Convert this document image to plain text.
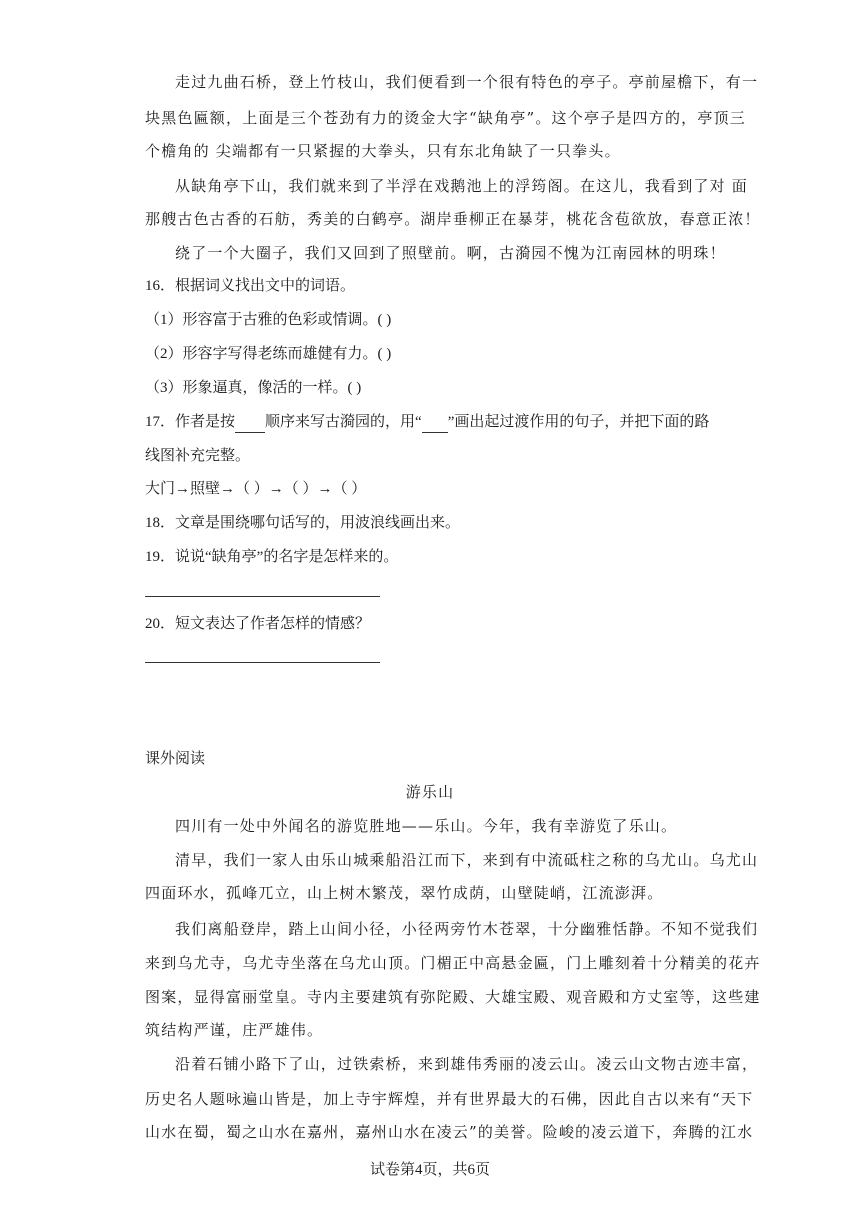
走过九曲石桥，登上竹枝山，我们便看到一个很有特色的亭子。亭前屋檐下，有一
块黑色匾额，上面是三个苍劲有力的烫金大字“缺角亭”。这个亭子是四方的，亭顶三
个檐角的 尖端都有一只紧握的大拳头，只有东北角缺了一只拳头。
从缺角亭下山，我们就来到了半浮在戏鹅池上的浮筠阁。在这儿，我看到了对 面
那艘古色古香的石舫，秀美的白鹤亭。湖岸垂柳正在暴芽，桃花含苞欲放，春意正浓！
绕了一个大圈子，我们又回到了照壁前。啊，古漪园不愧为江南园林的明珠！
16．根据词义找出文中的词语。
（1）形容富于古雅的色彩或情调。( )
（2）形容字写得老练而雄健有力。( )
（3）形象逼真，像活的一样。( )
17．作者是按 顺序来写古漪园的，用“ ”画出起过渡作用的句子，并把下面的路
线图补充完整。
大门→照壁→（ ）→（ ）→（ ）
18．文章是围绕哪句话写的，用波浪线画出来。
19．说说“缺角亭”的名字是怎样来的。
20．短文表达了作者怎样的情感？
课外阅读
游乐山
四川有一处中外闻名的游览胜地——乐山。今年，我有幸游览了乐山。
清早，我们一家人由乐山城乘船沿江而下，来到有中流砥柱之称的乌尤山。乌尤山
四面环水，孤峰兀立，山上树木繁茂，翠竹成荫，山壁陡峭，江流澎湃。
我们离船登岸，踏上山间小径，小径两旁竹木苍翠，十分幽雅恬静。不知不觉我们
来到乌尤寺，乌尤寺坐落在乌尤山顶。门楣正中高悬金匾，门上雕刻着十分精美的花卉
图案，显得富丽堂皇。寺内主要建筑有弥陀殿、大雄宝殿、观音殿和方丈室等，这些建
筑结构严谨，庄严雄伟。
沿着石铺小路下了山，过铁索桥，来到雄伟秀丽的凌云山。凌云山文物古迹丰富，
历史名人题咏遍山皆是，加上寺宇辉煌，并有世界最大的石佛，因此自古以来有“天下
山水在蜀，蜀之山水在嘉州，嘉州山水在凌云”的美誉。险峻的凌云道下，奔腾的江水
试卷第4页，共6页
